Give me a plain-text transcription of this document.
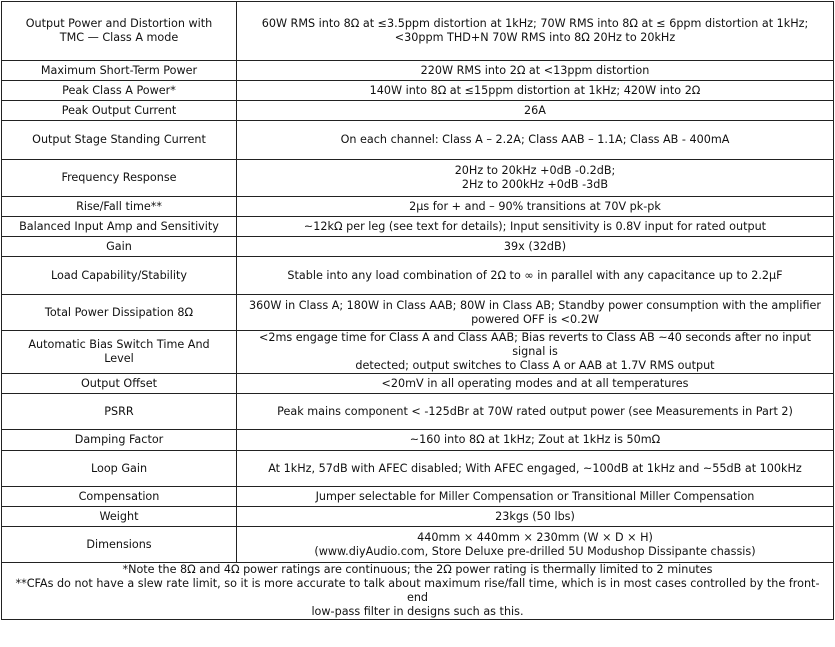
Output Power and Distortion with
TMC — Class A mode	60W RMS into 8Ω at ≤3.5ppm distortion at 1kHz; 70W RMS into 8Ω at ≤ 6ppm distortion at 1kHz;
<30ppm THD+N 70W RMS into 8Ω 20Hz to 20kHz

Maximum Short-Term Power	220W RMS into 2Ω at <13ppm distortion

Peak Class A Power*	140W into 8Ω at ≤15ppm distortion at 1kHz; 420W into 2Ω

Peak Output Current	26A

Output Stage Standing Current	On each channel: Class A – 2.2A; Class AAB – 1.1A; Class AB - 400mA

Frequency Response	20Hz to 20kHz +0dB -0.2dB;
2Hz to 200kHz +0dB -3dB

Rise/Fall time**	2µs for + and – 90% transitions at 70V pk-pk

Balanced Input Amp and Sensitivity	~12kΩ per leg (see text for details); Input sensitivity is 0.8V input for rated output

Gain	39x (32dB)

Load Capability/Stability	Stable into any load combination of 2Ω to ∞ in parallel with any capacitance up to 2.2µF

Total Power Dissipation 8Ω	360W in Class A; 180W in Class AAB; 80W in Class AB; Standby power consumption with the amplifier
powered OFF is <0.2W

Automatic Bias Switch Time And
Level	<2ms engage time for Class A and Class AAB; Bias reverts to Class AB ~40 seconds after no input signal is
detected; output switches to Class A or AAB at 1.7V RMS output

Output Offset	<20mV in all operating modes and at all temperatures

PSRR	Peak mains component < -125dBr at 70W rated output power (see Measurements in Part 2)

Damping Factor	~160 into 8Ω at 1kHz; Zout at 1kHz is 50mΩ

Loop Gain	At 1kHz, 57dB with AFEC disabled; With AFEC engaged, ~100dB at 1kHz and ~55dB at 100kHz

Compensation	Jumper selectable for Miller Compensation or Transitional Miller Compensation

Weight	23kgs (50 lbs)

Dimensions	440mm × 440mm × 230mm (W × D × H)
(www.diyAudio.com, Store Deluxe pre-drilled 5U Modushop Dissipante chassis)

*Note the 8Ω and 4Ω power ratings are continuous; the 2Ω power rating is thermally limited to 2 minutes
**CFAs do not have a slew rate limit, so it is more accurate to talk about maximum rise/fall time, which is in most cases controlled by the front-end
low-pass filter in designs such as this.	
